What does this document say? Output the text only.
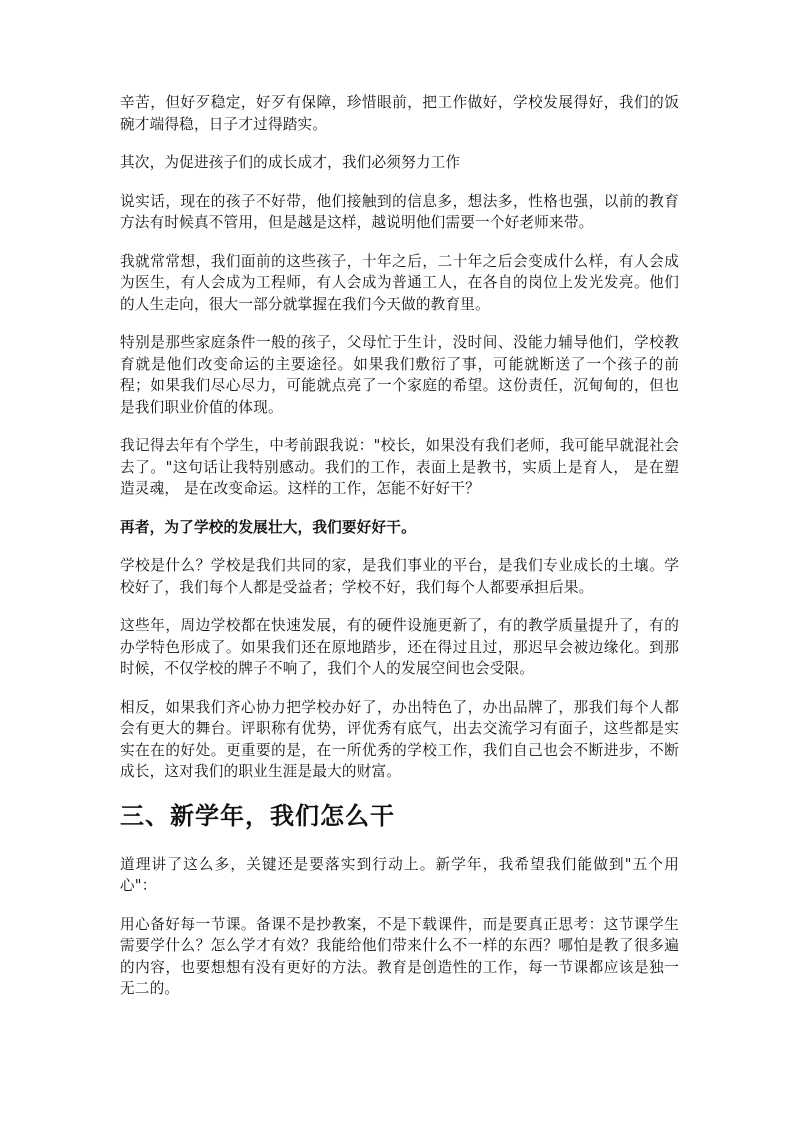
辛苦，但好歹稳定，好歹有保障，珍惜眼前，把工作做好，学校发展得好，我们的饭碗才端得稳，日子才过得踏实。

其次，为促进孩子们的成长成才，我们必须努力工作

说实话，现在的孩子不好带，他们接触到的信息多，想法多，性格也强，以前的教育方法有时候真不管用，但是越是这样，越说明他们需要一个好老师来带。

我就常常想，我们面前的这些孩子，十年之后，二十年之后会变成什么样，有人会成为医生，有人会成为工程师，有人会成为普通工人，在各自的岗位上发光发亮。他们的人生走向，很大一部分就掌握在我们今天做的教育里。

特别是那些家庭条件一般的孩子，父母忙于生计，没时间、没能力辅导他们，学校教育就是他们改变命运的主要途径。如果我们敷衍了事，可能就断送了一个孩子的前程；如果我们尽心尽力，可能就点亮了一个家庭的希望。这份责任，沉甸甸的，但也是我们职业价值的体现。

我记得去年有个学生，中考前跟我说："校长，如果没有我们老师，我可能早就混社会去了。"这句话让我特别感动。我们的工作，表面上是教书，实质上是育人， 是在塑造灵魂， 是在改变命运。这样的工作，怎能不好好干？

再者，为了学校的发展壮大，我们要好好干。

学校是什么？学校是我们共同的家，是我们事业的平台，是我们专业成长的土壤。学校好了，我们每个人都是受益者；学校不好，我们每个人都要承担后果。

这些年，周边学校都在快速发展，有的硬件设施更新了，有的教学质量提升了，有的办学特色形成了。如果我们还在原地踏步，还在得过且过，那迟早会被边缘化。到那时候，不仅学校的牌子不响了，我们个人的发展空间也会受限。

相反，如果我们齐心协力把学校办好了，办出特色了，办出品牌了，那我们每个人都会有更大的舞台。评职称有优势，评优秀有底气，出去交流学习有面子，这些都是实实在在的好处。更重要的是，在一所优秀的学校工作，我们自己也会不断进步，不断成长，这对我们的职业生涯是最大的财富。

三、新学年，我们怎么干

道理讲了这么多，关键还是要落实到行动上。新学年，我希望我们能做到"五个用心"：

用心备好每一节课。备课不是抄教案，不是下载课件，而是要真正思考：这节课学生需要学什么？怎么学才有效？我能给他们带来什么不一样的东西？哪怕是教了很多遍的内容，也要想想有没有更好的方法。教育是创造性的工作，每一节课都应该是独一无二的。
